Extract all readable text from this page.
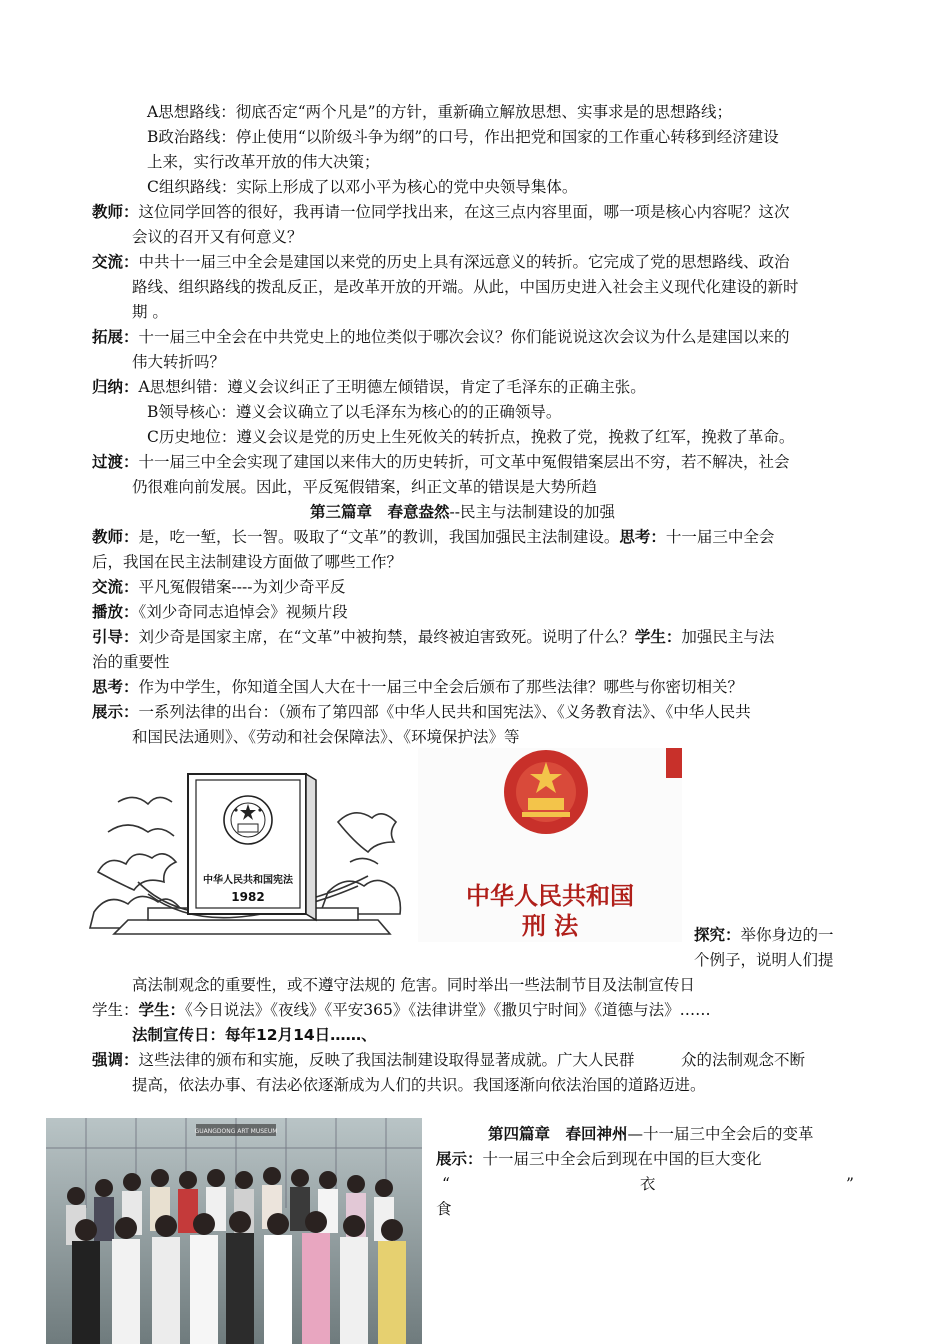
A思想路线：彻底否定“两个凡是”的方针，重新确立解放思想、实事求是的思想路线；
B政治路线：停止使用“以阶级斗争为纲”的口号，作出把党和国家的工作重心转移到经济建设
上来，实行改革开放的伟大决策；
C组织路线：实际上形成了以邓小平为核心的党中央领导集体。
教师：这位同学回答的很好，我再请一位同学找出来，在这三点内容里面，哪一项是核心内容呢？这次
会议的召开又有何意义？
交流：中共十一届三中全会是建国以来党的历史上具有深远意义的转折。它完成了党的思想路线、政治
路线、组织路线的拨乱反正，是改革开放的开端。从此，中国历史进入社会主义现代化建设的新时
期 。
拓展：十一届三中全会在中共党史上的地位类似于哪次会议？你们能说说这次会议为什么是建国以来的
伟大转折吗？
归纳：A思想纠错：遵义会议纠正了王明德左倾错误，肯定了毛泽东的正确主张。
B领导核心：遵义会议确立了以毛泽东为核心的的正确领导。
C历史地位：遵义会议是党的历史上生死攸关的转折点，挽救了党，挽救了红军，挽救了革命。
过渡：十一届三中全会实现了建国以来伟大的历史转折，可文革中冤假错案层出不穷，若不解决，社会
仍很难向前发展。因此，平反冤假错案，纠正文革的错误是大势所趋
第三篇章　春意盎然--民主与法制建设的加强
教师：是，吃一堑，长一智。吸取了“文革”的教训，我国加强民主法制建设。思考：十一届三中全会
后，我国在民主法制建设方面做了哪些工作？
交流：平凡冤假错案----为刘少奇平反
播放：《刘少奇同志追悼会》视频片段
引导：刘少奇是国家主席，在“文革”中被拘禁，最终被迫害致死。说明了什么？学生：加强民主与法
治的重要性
思考：作为中学生，你知道全国人大在十一届三中全会后颁布了那些法律？哪些与你密切相关？
展示：一系列法律的出台：（颁布了第四部《中华人民共和国宪法》、《义务教育法》、《中华人民共
和国民法通则》、《劳动和社会保障法》、《环境保护法》等
中华人民共和国宪法
1982	中华人民共和国
刑 法	探究：举你身边的一
个例子，说明人们提
高法制观念的重要性，或不遵守法规的 危害。同时举出一些法制节目及法制宣传日
学生：学生：《今日说法》《夜线》《平安365》《法律讲堂》《撒贝宁时间》《道德与法》……
法制宣传日：每年12月14日……、
强调：这些法律的颁布和实施，反映了我国法制建设取得显著成就。广大人民群　　　众的法制观念不断
提高，依法办事、有法必依逐渐成为人们的共识。我国逐渐向依法治国的道路迈进。
GUANGDONG ART MUSEUM	第四篇章　春回神州—十一届三中全会后的变革
展示：十一届三中全会后到现在中国的巨大变化
“	衣	”
食
